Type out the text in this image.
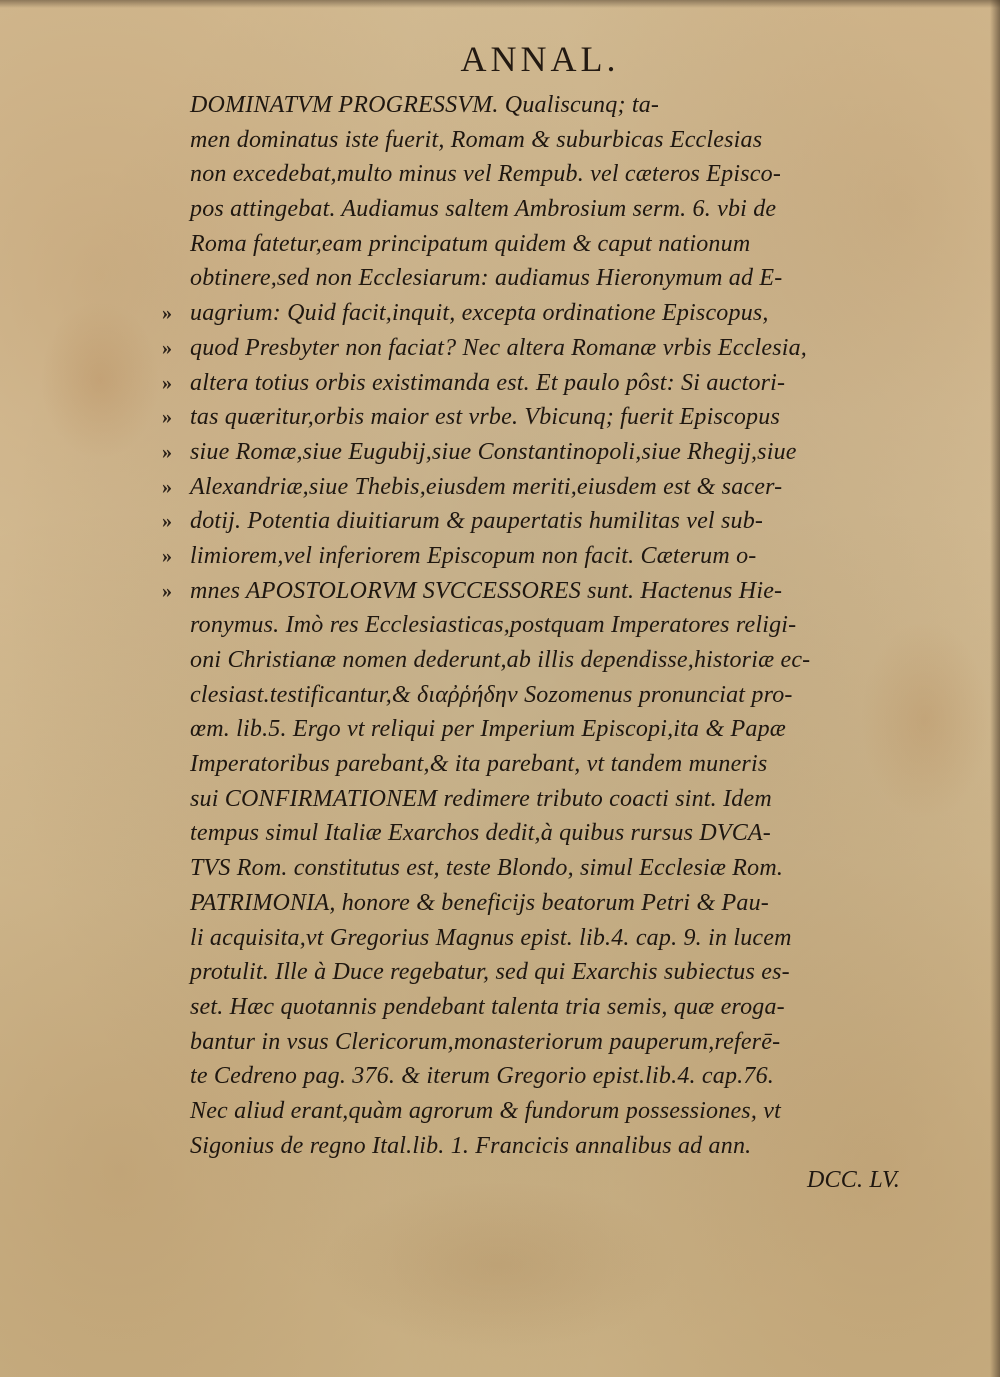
ANNAL.
DOMINATVM PROGRESSVM. Qualiscunq; ta-
men dominatus iste fuerit, Romam & suburbicas Ecclesias
non excedebat,multo minus vel Rempub. vel cæteros Episco-
pos attingebat. Audiamus saltem Ambrosium serm. 6. vbi de
Roma fatetur,eam principatum quidem & caput nationum
obtinere,sed non Ecclesiarum: audiamus Hieronymum ad E-
» uagrium: Quid facit,inquit, excepta ordinatione Episcopus,
» quod Presbyter non faciat? Nec altera Romanæ vrbis Ecclesia,
» altera totius orbis existimanda est. Et paulo pôst: Si auctori-
» tas quæritur,orbis maior est vrbe. Vbicunq; fuerit Episcopus
» siue Romæ,siue Eugubij,siue Constantinopoli,siue Rhegij,siue
» Alexandriæ,siue Thebis,eiusdem meriti,eiusdem est & sacer-
» dotij. Potentia diuitiarum & paupertatis humilitas vel sub-
» limiorem,vel inferiorem Episcopum non facit. Cæterum o-
» mnes APOSTOLORVM SVCCESSORES sunt. Hactenus Hie-
ronymus. Imò res Ecclesiasticas,postquam Imperatores religi-
oni Christianæ nomen dederunt,ab illis dependisse,historiæ ec-
clesiast.testificantur,& διαῤῥήδην Sozomenus pronunciat pro-
œm. lib.5. Ergo vt reliqui per Imperium Episcopi,ita & Papæ
Imperatoribus parebant,& ita parebant, vt tandem muneris
sui CONFIRMATIONEM redimere tributo coacti sint. Idem
tempus simul Italiæ Exarchos dedit,à quibus rursus DVCA-
TVS Rom. constitutus est, teste Blondo, simul Ecclesiæ Rom.
PATRIMONIA, honore & beneficijs beatorum Petri & Pau-
li acquisita,vt Gregorius Magnus epist. lib.4. cap. 9. in lucem
protulit. Ille à Duce regebatur, sed qui Exarchis subiectus es-
set. Hæc quotannis pendebant talenta tria semis, quæ eroga-
bantur in vsus Clericorum,monasteriorum pauperum,referē-
te Cedreno pag. 376. & iterum Gregorio epist.lib.4. cap.76.
Nec aliud erant,quàm agrorum & fundorum possessiones, vt
Sigonius de regno Ital.lib. 1. Francicis annalibus ad ann.
DCC. LV.
